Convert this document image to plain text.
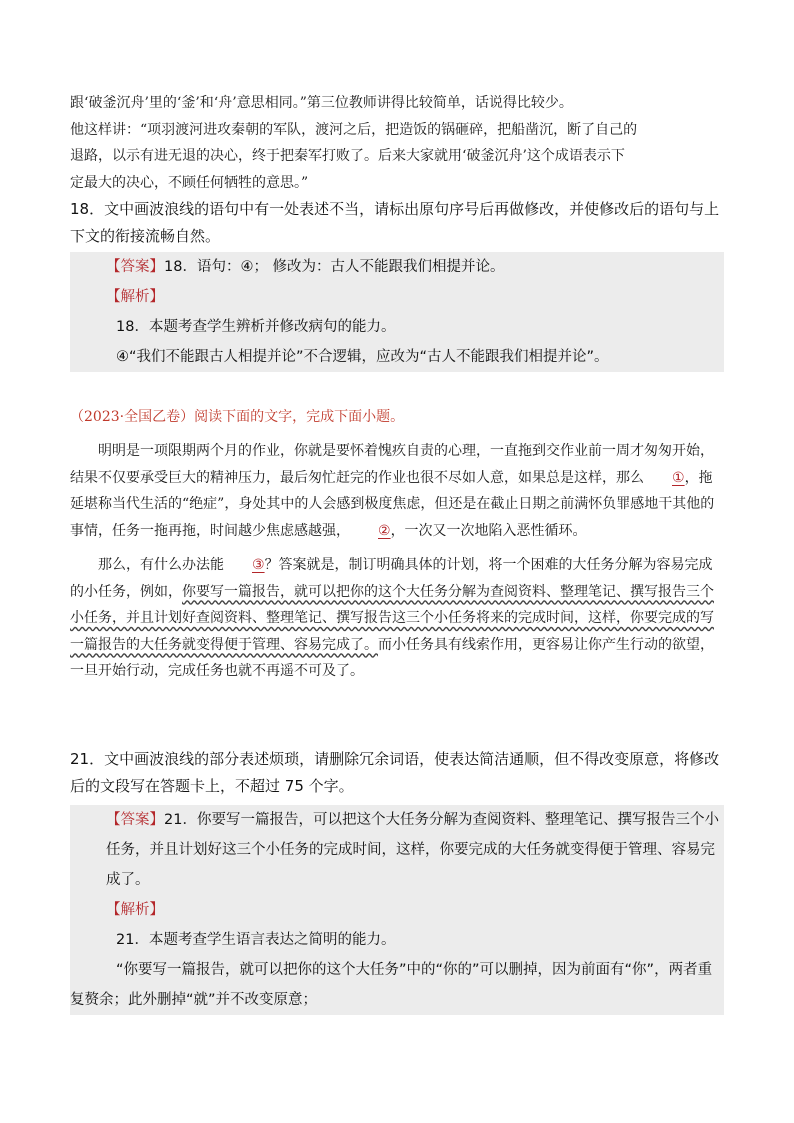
跟‘破釜沉舟’里的‘釜’和‘舟’意思相同。”第三位教师讲得比较简单，话说得比较少。

他这样讲：“项羽渡河进攻秦朝的军队，渡河之后，把造饭的锅砸碎，把船凿沉，断了自己的

退路，以示有进无退的决心，终于把秦军打败了。后来大家就用‘破釜沉舟’这个成语表示下

定最大的决心，不顾任何牺牲的意思。”

18．文中画波浪线的语句中有一处表述不当，请标出原句序号后再做修改，并使修改后的语句与上下文的衔接流畅自然。

【答案】18．语句：④； 修改为：古人不能跟我们相提并论。

【解析】

18．本题考查学生辨析并修改病句的能力。

④“我们不能跟古人相提并论”不合逻辑，应改为“古人不能跟我们相提并论”。

（2023·全国乙卷）阅读下面的文字，完成下面小题。

明明是一项限期两个月的作业，你就是要怀着愧疚自责的心理，一直拖到交作业前一周才匆匆开始，结果不仅要承受巨大的精神压力，最后匆忙赶完的作业也很不尽如人意，如果总是这样，那么 ①，拖延堪称当代生活的“绝症”，身处其中的人会感到极度焦虑，但还是在截止日期之前满怀负罪感地干其他的事情，任务一拖再拖，时间越少焦虑感越强， ②，一次又一次地陷入恶性循环。

那么，有什么办法能 ③？答案就是，制订明确具体的计划，将一个困难的大任务分解为容易完成的小任务，例如，你要写一篇报告，就可以把你的这个大任务分解为查阅资料、整理笔记、撰写报告三个小任务，并且计划好查阅资料、整理笔记、撰写报告这三个小任务将来的完成时间，这样，你要完成的写一篇报告的大任务就变得便于管理、容易完成了。而小任务具有线索作用，更容易让你产生行动的欲望，一旦开始行动，完成任务也就不再遥不可及了。

21．文中画波浪线的部分表述烦琐，请删除冗余词语，使表达简洁通顺，但不得改变原意，将修改后的文段写在答题卡上，不超过 75 个字。

【答案】21．你要写一篇报告，可以把这个大任务分解为查阅资料、整理笔记、撰写报告三个小任务，并且计划好这三个小任务的完成时间，这样，你要完成的大任务就变得便于管理、容易完成了。

【解析】

21．本题考查学生语言表达之简明的能力。

“你要写一篇报告，就可以把你的这个大任务”中的“你的”可以删掉，因为前面有“你”，两者重复赘余；此外删掉“就”并不改变原意；
